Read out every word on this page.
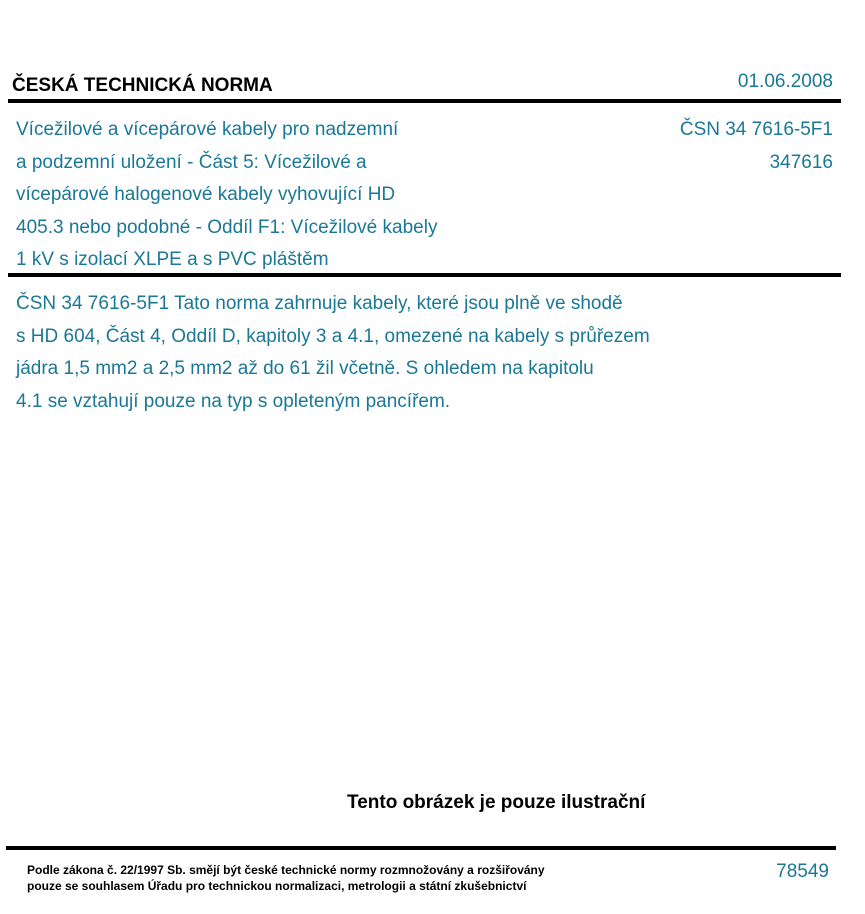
ČESKÁ TECHNICKÁ NORMA	01.06.2008
Vícežilové a vícepárové kabely pro nadzemní
a podzemní uložení - Část 5: Vícežilové a
vícepárové halogenové kabely vyhovující HD
405.3 nebo podobné - Oddíl F1: Vícežilové kabely
1 kV s izolací XLPE a s PVC pláštěm
ČSN 34 7616-5F1
347616
ČSN 34 7616-5F1 Tato norma zahrnuje kabely, které jsou plně ve shodě
s HD 604, Část 4, Oddíl D, kapitoly 3 a 4.1, omezené na kabely s průřezem
jádra 1,5 mm2 a 2,5 mm2 až do 61 žil včetně. S ohledem na kapitolu
4.1 se vztahují pouze na typ s opleteným pancířem.
Tento obrázek je pouze ilustrační
Podle zákona č. 22/1997 Sb. smějí být české technické normy rozmnožovány a rozšiřovány
pouze se souhlasem Úřadu pro technickou normalizaci, metrologii a státní zkušebnictví
78549
